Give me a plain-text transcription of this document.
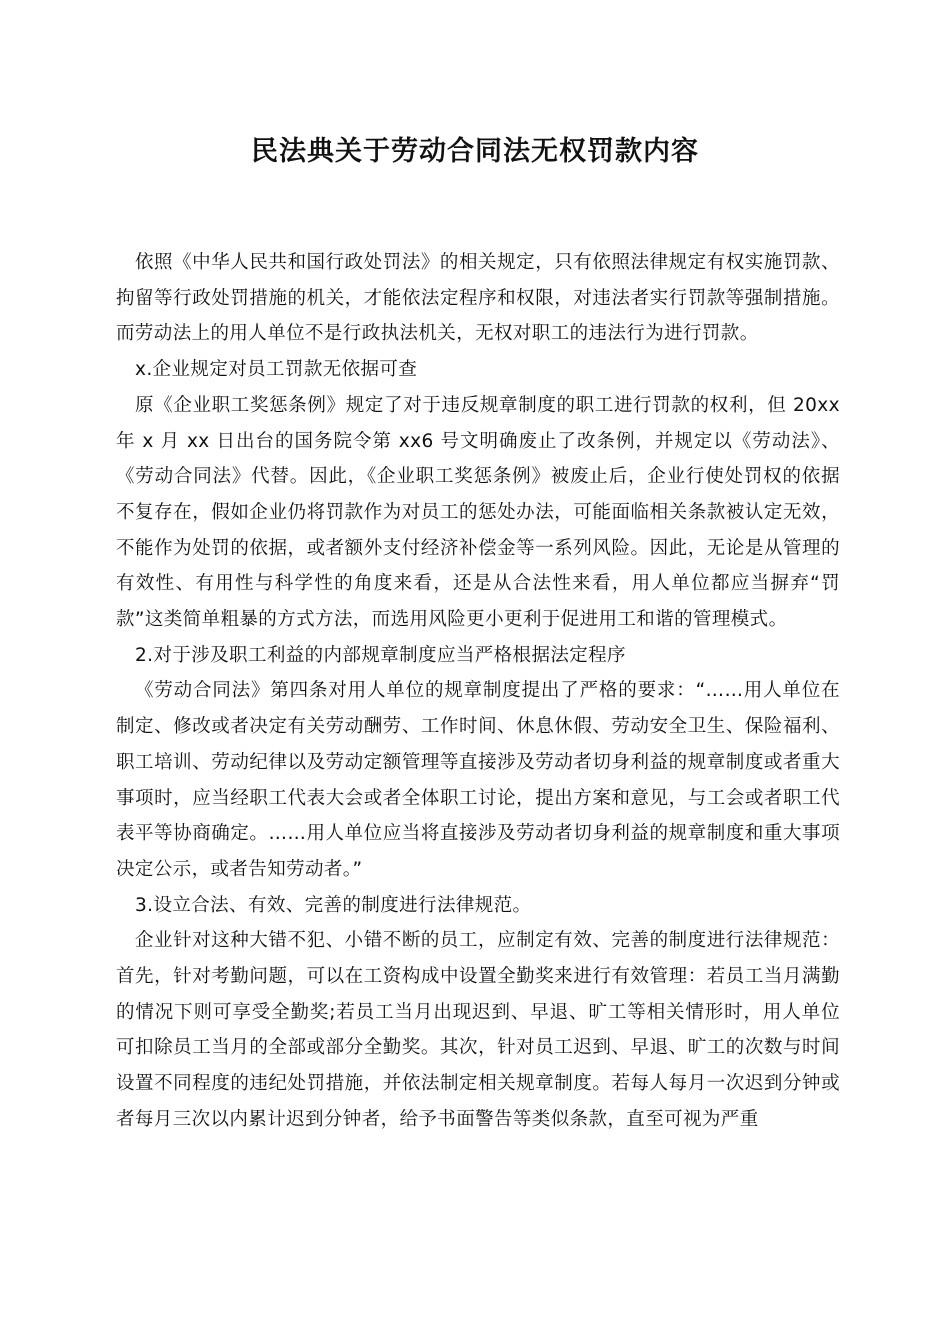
民法典关于劳动合同法无权罚款内容

依照《中华人民共和国行政处罚法》的相关规定，只有依照法律规定有权实施罚款、拘留等行政处罚措施的机关，才能依法定程序和权限，对违法者实行罚款等强制措施。而劳动法上的用人单位不是行政执法机关，无权对职工的违法行为进行罚款。

x.企业规定对员工罚款无依据可查

原《企业职工奖惩条例》规定了对于违反规章制度的职工进行罚款的权利，但 20xx 年 x 月 xx 日出台的国务院令第 xx6 号文明确废止了改条例，并规定以《劳动法》、《劳动合同法》代替。因此，《企业职工奖惩条例》被废止后，企业行使处罚权的依据不复存在，假如企业仍将罚款作为对员工的惩处办法，可能面临相关条款被认定无效，不能作为处罚的依据，或者额外支付经济补偿金等一系列风险。因此，无论是从管理的有效性、有用性与科学性的角度来看，还是从合法性来看，用人单位都应当摒弃“罚款”这类简单粗暴的方式方法，而选用风险更小更利于促进用工和谐的管理模式。

2.对于涉及职工利益的内部规章制度应当严格根据法定程序

《劳动合同法》第四条对用人单位的规章制度提出了严格的要求：“……用人单位在制定、修改或者决定有关劳动酬劳、工作时间、休息休假、劳动安全卫生、保险福利、职工培训、劳动纪律以及劳动定额管理等直接涉及劳动者切身利益的规章制度或者重大事项时，应当经职工代表大会或者全体职工讨论，提出方案和意见，与工会或者职工代表平等协商确定。……用人单位应当将直接涉及劳动者切身利益的规章制度和重大事项决定公示，或者告知劳动者。”

3.设立合法、有效、完善的制度进行法律规范。

企业针对这种大错不犯、小错不断的员工，应制定有效、完善的制度进行法律规范：首先，针对考勤问题，可以在工资构成中设置全勤奖来进行有效管理：若员工当月满勤的情况下则可享受全勤奖;若员工当月出现迟到、早退、旷工等相关情形时，用人单位可扣除员工当月的全部或部分全勤奖。其次，针对员工迟到、早退、旷工的次数与时间设置不同程度的违纪处罚措施，并依法制定相关规章制度。若每人每月一次迟到分钟或者每月三次以内累计迟到分钟者，给予书面警告等类似条款，直至可视为严重
